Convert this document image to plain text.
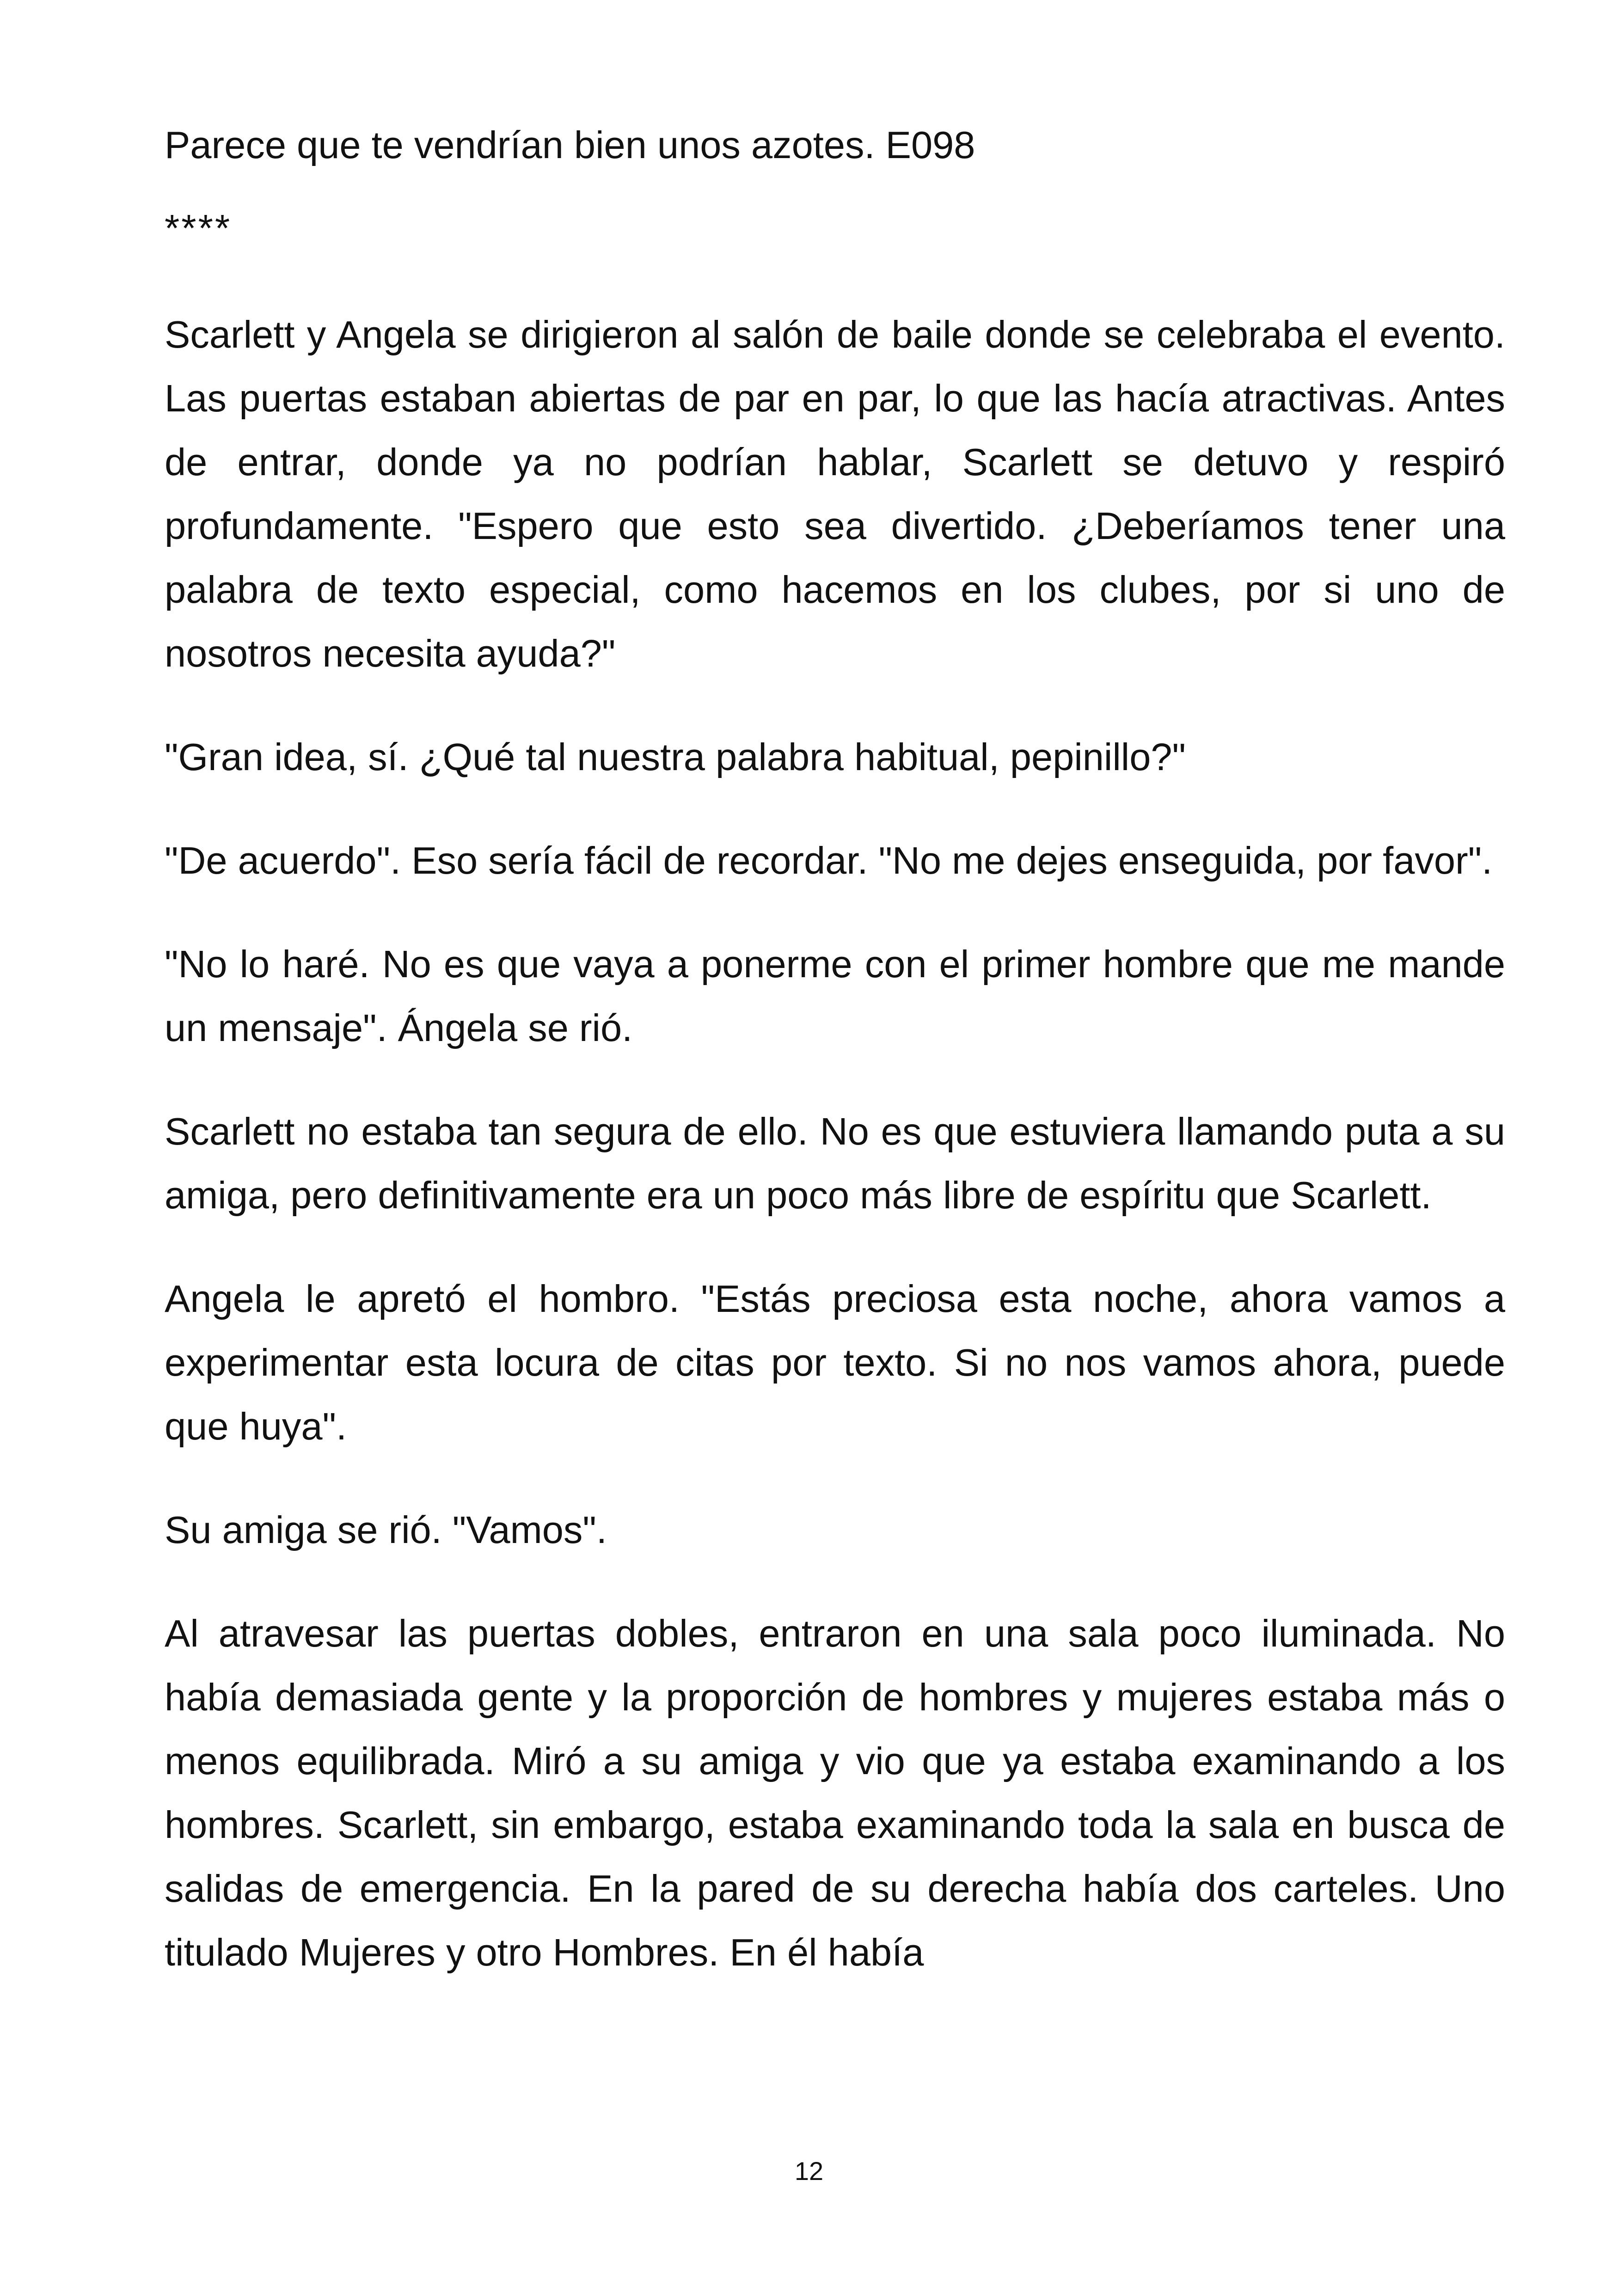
Parece que te vendrían bien unos azotes. E098

****

Scarlett y Angela se dirigieron al salón de baile donde se celebraba el evento. Las puertas estaban abiertas de par en par, lo que las hacía atractivas. Antes de entrar, donde ya no podrían hablar, Scarlett se detuvo y respiró profundamente. "Espero que esto sea divertido. ¿Deberíamos tener una palabra de texto especial, como hacemos en los clubes, por si uno de nosotros necesita ayuda?"

"Gran idea, sí. ¿Qué tal nuestra palabra habitual, pepinillo?"

"De acuerdo". Eso sería fácil de recordar. "No me dejes enseguida, por favor".

"No lo haré. No es que vaya a ponerme con el primer hombre que me mande un mensaje". Ángela se rió.

Scarlett no estaba tan segura de ello. No es que estuviera llamando puta a su amiga, pero definitivamente era un poco más libre de espíritu que Scarlett.

Angela le apretó el hombro. "Estás preciosa esta noche, ahora vamos a experimentar esta locura de citas por texto. Si no nos vamos ahora, puede que huya".

Su amiga se rió. "Vamos".

Al atravesar las puertas dobles, entraron en una sala poco iluminada. No había demasiada gente y la proporción de hombres y mujeres estaba más o menos equilibrada. Miró a su amiga y vio que ya estaba examinando a los hombres. Scarlett, sin embargo, estaba examinando toda la sala en busca de salidas de emergencia. En la pared de su derecha había dos carteles. Uno titulado Mujeres y otro Hombres. En él había

12
